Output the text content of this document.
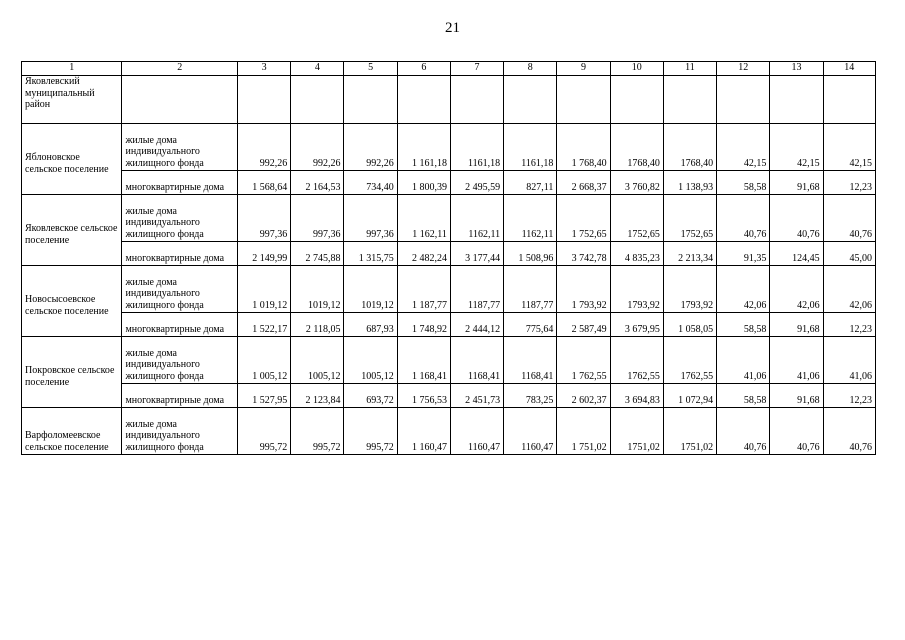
21
1	2	3	4	5	6	7	8	9	10	11	12	13	14
Яковлевский муниципальный район													
Яблоновское сельское поселение	жилые дома индивидуального жилищного фонда	992,26	992,26	992,26	1 161,18	1161,18	1161,18	1 768,40	1768,40	1768,40	42,15	42,15	42,15
	многоквартирные дома	1 568,64	2 164,53	734,40	1 800,39	2 495,59	827,11	2 668,37	3 760,82	1 138,93	58,58	91,68	12,23
Яковлевское сельское поселение	жилые дома индивидуального жилищного фонда	997,36	997,36	997,36	1 162,11	1162,11	1162,11	1 752,65	1752,65	1752,65	40,76	40,76	40,76
	многоквартирные дома	2 149,99	2 745,88	1 315,75	2 482,24	3 177,44	1 508,96	3 742,78	4 835,23	2 213,34	91,35	124,45	45,00
Новосысоевское сельское поселение	жилые дома индивидуального жилищного фонда	1 019,12	1019,12	1019,12	1 187,77	1187,77	1187,77	1 793,92	1793,92	1793,92	42,06	42,06	42,06
	многоквартирные дома	1 522,17	2 118,05	687,93	1 748,92	2 444,12	775,64	2 587,49	3 679,95	1 058,05	58,58	91,68	12,23
Покровское сельское поселение	жилые дома индивидуального жилищного фонда	1 005,12	1005,12	1005,12	1 168,41	1168,41	1168,41	1 762,55	1762,55	1762,55	41,06	41,06	41,06
	многоквартирные дома	1 527,95	2 123,84	693,72	1 756,53	2 451,73	783,25	2 602,37	3 694,83	1 072,94	58,58	91,68	12,23
Варфоломеевское сельское поселение	жилые дома индивидуального жилищного фонда	995,72	995,72	995,72	1 160,47	1160,47	1160,47	1 751,02	1751,02	1751,02	40,76	40,76	40,76
